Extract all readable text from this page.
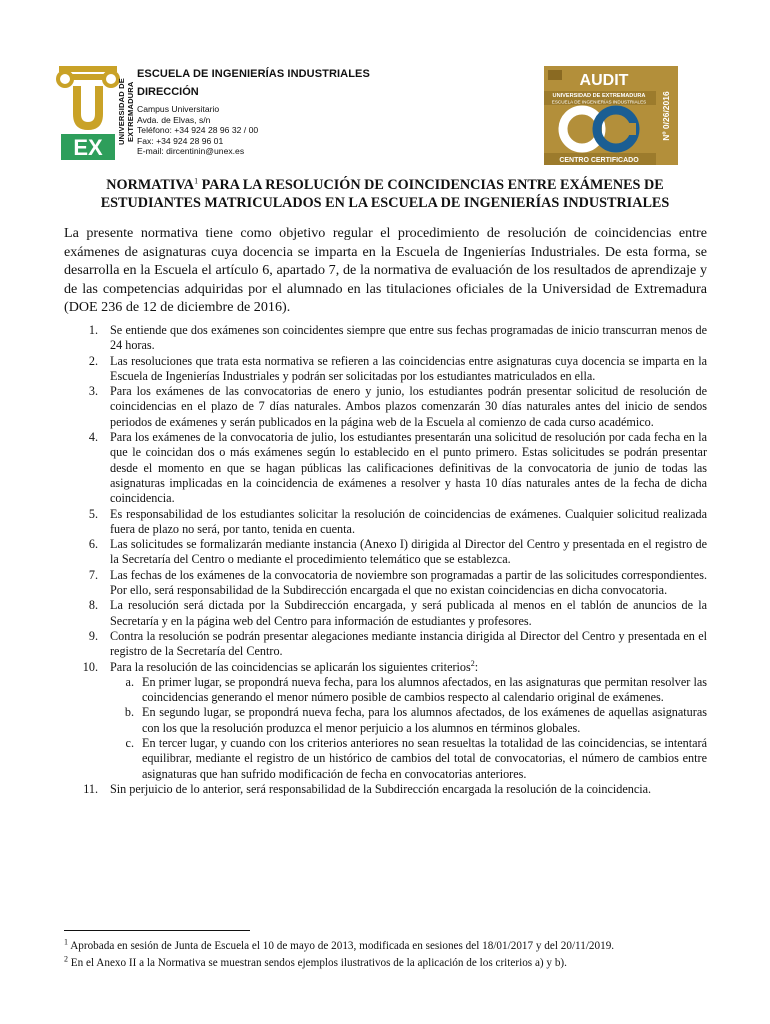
EX
UNIVERSIDAD DE EXTREMADURA
ESCUELA DE INGENIERÍAS INDUSTRIALES
DIRECCIÓN
Campus Universitario
Avda. de Elvas, s/n
Teléfono: +34 924 28 96 32 / 00
Fax: +34 924 28 96 01
E-mail: dircentinin@unex.es
AUDIT
UNIVERSIDAD DE EXTREMADURA
ESCUELA DE INGENIERÍAS INDUSTRIALES
CENTRO CERTIFICADO
Nº 0/26/2016
NORMATIVA$^1$ PARA LA RESOLUCIÓN DE COINCIDENCIAS ENTRE EXÁMENES DE
ESTUDIANTES MATRICULADOS EN LA ESCUELA DE INGENIERÍAS INDUSTRIALES
La presente normativa tiene como objetivo regular el procedimiento de resolución de coincidencias entre exámenes de asignaturas cuya docencia se imparta en la Escuela de Ingenierías Industriales. De esta forma, se desarrolla en la Escuela el artículo 6, apartado 7, de la normativa de evaluación de los resultados de aprendizaje y de las competencias adquiridas por el alumnado en las titulaciones oficiales de la Universidad de Extremadura (DOE 236 de 12 de diciembre de 2016).
1. Se entiende que dos exámenes son coincidentes siempre que entre sus fechas programadas de inicio transcurran menos de 24 horas.
2. Las resoluciones que trata esta normativa se refieren a las coincidencias entre asignaturas cuya docencia se imparta en la Escuela de Ingenierías Industriales y podrán ser solicitadas por los estudiantes matriculados en ella.
3. Para los exámenes de las convocatorias de enero y junio, los estudiantes podrán presentar solicitud de resolución de coincidencias en el plazo de 7 días naturales. Ambos plazos comenzarán 30 días naturales antes del inicio de sendos periodos de exámenes y serán publicados en la página web de la Escuela al comienzo de cada curso académico.
4. Para los exámenes de la convocatoria de julio, los estudiantes presentarán una solicitud de resolución por cada fecha en la que le coincidan dos o más exámenes según lo establecido en el punto primero. Estas solicitudes se podrán presentar desde el momento en que se hagan públicas las calificaciones definitivas de la convocatoria de junio de todas las asignaturas implicadas en la coincidencia de exámenes a resolver y hasta 10 días naturales antes de la fecha de dicha coincidencia.
5. Es responsabilidad de los estudiantes solicitar la resolución de coincidencias de exámenes. Cualquier solicitud realizada fuera de plazo no será, por tanto, tenida en cuenta.
6. Las solicitudes se formalizarán mediante instancia (Anexo I) dirigida al Director del Centro y presentada en el registro de la Secretaría del Centro o mediante el procedimiento telemático que se establezca.
7. Las fechas de los exámenes de la convocatoria de noviembre son programadas a partir de las solicitudes correspondientes. Por ello, será responsabilidad de la Subdirección encargada el que no existan coincidencias en dicha convocatoria.
8. La resolución será dictada por la Subdirección encargada, y será publicada al menos en el tablón de anuncios de la Secretaría y en la página web del Centro para información de estudiantes y profesores.
9. Contra la resolución se podrán presentar alegaciones mediante instancia dirigida al Director del Centro y presentada en el registro de la Secretaría del Centro.
10. Para la resolución de las coincidencias se aplicarán los siguientes criterios$^2$:
a. En primer lugar, se propondrá nueva fecha, para los alumnos afectados, en las asignaturas que permitan resolver las coincidencias generando el menor número posible de cambios respecto al calendario original de exámenes.
b. En segundo lugar, se propondrá nueva fecha, para los alumnos afectados, de los exámenes de aquellas asignaturas con los que la resolución produzca el menor perjuicio a los alumnos en términos globales.
c. En tercer lugar, y cuando con los criterios anteriores no sean resueltas la totalidad de las coincidencias, se intentará equilibrar, mediante el registro de un histórico de cambios del total de convocatorias, el número de cambios entre asignaturas que han sufrido modificación de fecha en convocatorias anteriores.
11. Sin perjuicio de lo anterior, será responsabilidad de la Subdirección encargada la resolución de la coincidencia.
$^1$ Aprobada en sesión de Junta de Escuela el 10 de mayo de 2013, modificada en sesiones del 18/01/2017 y del 20/11/2019.
$^2$ En el Anexo II a la Normativa se muestran sendos ejemplos ilustrativos de la aplicación de los criterios a) y b).
